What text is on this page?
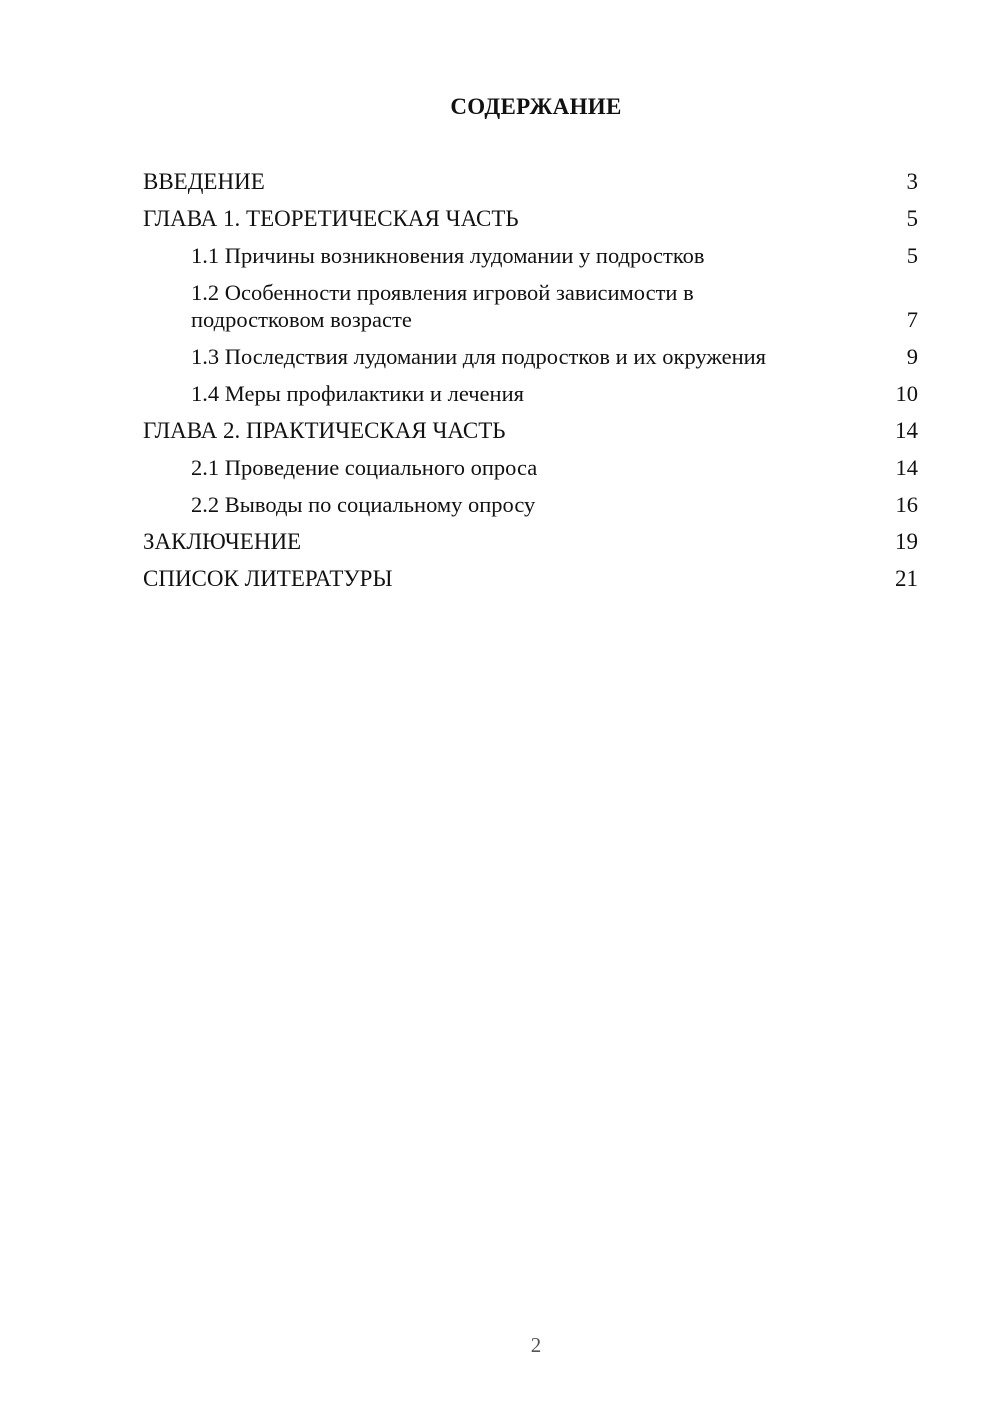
СОДЕРЖАНИЕ
ВВЕДЕНИЕ	3
ГЛАВА 1. ТЕОРЕТИЧЕСКАЯ ЧАСТЬ	5
1.1 Причины возникновения лудомании у подростков	5
1.2 Особенности проявления игровой зависимости в подростковом возрасте	7
1.3 Последствия лудомании для подростков и их окружения	9
1.4 Меры профилактики и лечения	10
ГЛАВА 2. ПРАКТИЧЕСКАЯ ЧАСТЬ	14
2.1 Проведение социального опроса	14
2.2 Выводы по социальному опросу	16
ЗАКЛЮЧЕНИЕ	19
СПИСОК ЛИТЕРАТУРЫ	21
2
